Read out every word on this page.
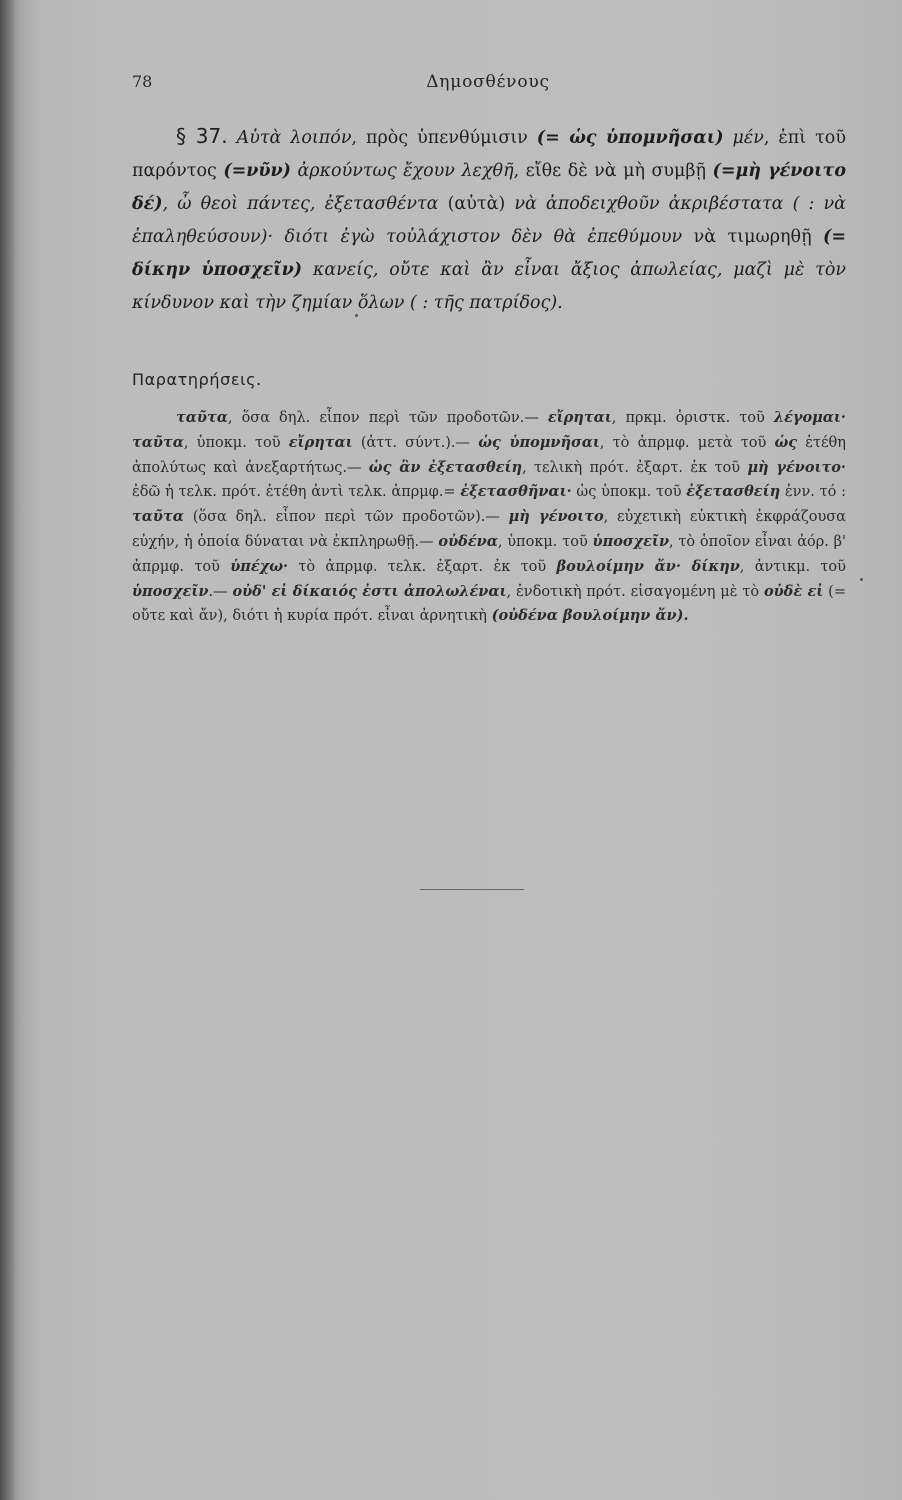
78	Δημοσθένους

§ 37. Αὐτὰ λοιπόν, πρὸς ὑπενθύμισιν (= ὡς ὑπομνῆσαι) μέν, ἐπὶ τοῦ παρόντος (=νῦν) ἀρκούντως ἔχουν λεχθῆ, εἴθε δὲ νὰ μὴ συμβῇ (=μὴ γένοιτο δέ), ὦ θεοὶ πάντες, ἐξετασθέντα (αὐτὰ) νὰ ἀποδειχθοῦν ἀκριβέστατα ( : νὰ ἐπαληθεύσουν)· διότι ἐγὼ τοὐλάχιστον δὲν θὰ ἐπεθύμουν νὰ τιμωρηθῇ (= δίκην ὑποσχεῖν) κανείς, οὔτε καὶ ἂν εἶναι ἄξιος ἀπωλείας, μαζὶ μὲ τὸν κίνδυνον καὶ τὴν ζημίαν ὅλων ( : τῆς πατρίδος).

Παρατηρήσεις.

ταῦτα, ὅσα δηλ. εἶπον περὶ τῶν προδοτῶν.— εἴρηται, πρκμ. ὁριστκ. τοῦ λέγομαι· ταῦτα, ὑποκμ. τοῦ εἴρηται (ἀττ. σύντ.).— ὡς ὑπομνῆσαι, τὸ ἀπρμφ. μετὰ τοῦ ὡς ἐτέθη ἀπολύτως καὶ ἀνεξαρτήτως.— ὡς ἂν ἐξετασθείη, τελικὴ πρότ. ἐξαρτ. ἐκ τοῦ μὴ γένοιτο· ἐδῶ ἡ τελκ. πρότ. ἐτέθη ἀντὶ τελκ. ἀπρμφ.= ἐξετασθῆναι· ὡς ὑποκμ. τοῦ ἐξετασθείη ἐνν. τό : ταῦτα (ὅσα δηλ. εἶπον περὶ τῶν προδοτῶν).— μὴ γένοιτο, εὐχετικὴ εὐκτικὴ ἐκφράζουσα εὐχήν, ἡ ὁποία δύναται νὰ ἐκπληρωθῇ.— οὐδένα, ὑποκμ. τοῦ ὑποσχεῖν, τὸ ὁποῖον εἶναι ἀόρ. β' ἀπρμφ. τοῦ ὑπέχω· τὸ ἀπρμφ. τελκ. ἐξαρτ. ἐκ τοῦ βουλοίμην ἄν· δίκην, ἀντικμ. τοῦ ὑποσχεῖν.— οὐδ' εἰ δίκαιός ἐστι ἀπολωλέναι, ἐνδοτικὴ πρότ. εἰσαγομένη μὲ τὸ οὐδὲ εἰ (= οὔτε καὶ ἄν), διότι ἡ κυρία πρότ. εἶναι ἀρνητικὴ (οὐδένα βουλοίμην ἄν).
